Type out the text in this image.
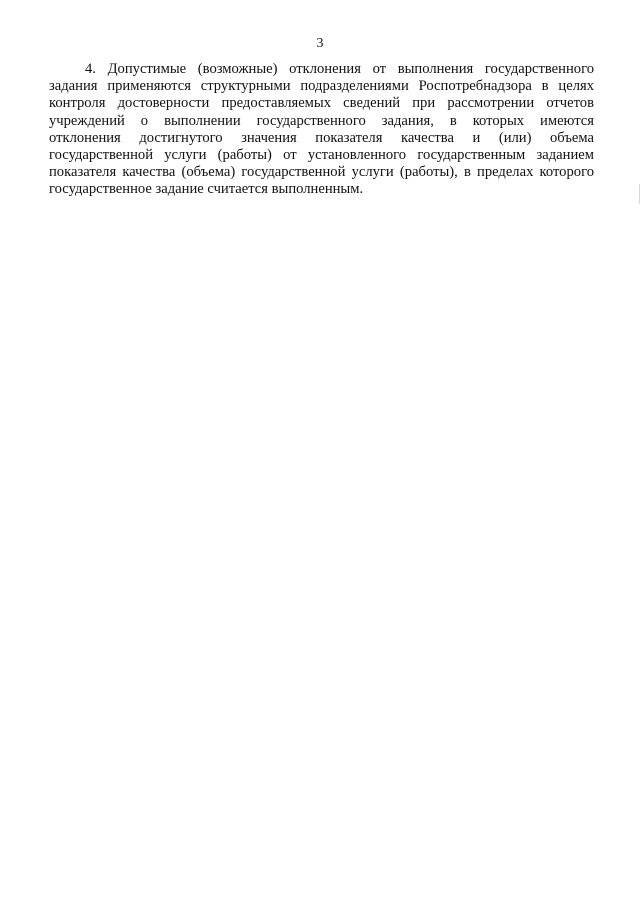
3
4. Допустимые (возможные) отклонения от выполнения государственного
задания применяются структурными подразделениями Роспотребнадзора в целях
контроля достоверности предоставляемых сведений при рассмотрении отчетов
учреждений о выполнении государственного задания, в которых имеются
отклонения достигнутого значения показателя качества и (или) объема
государственной услуги (работы) от установленного государственным заданием
показателя качества (объема) государственной услуги (работы), в пределах которого
государственное задание считается выполненным.
